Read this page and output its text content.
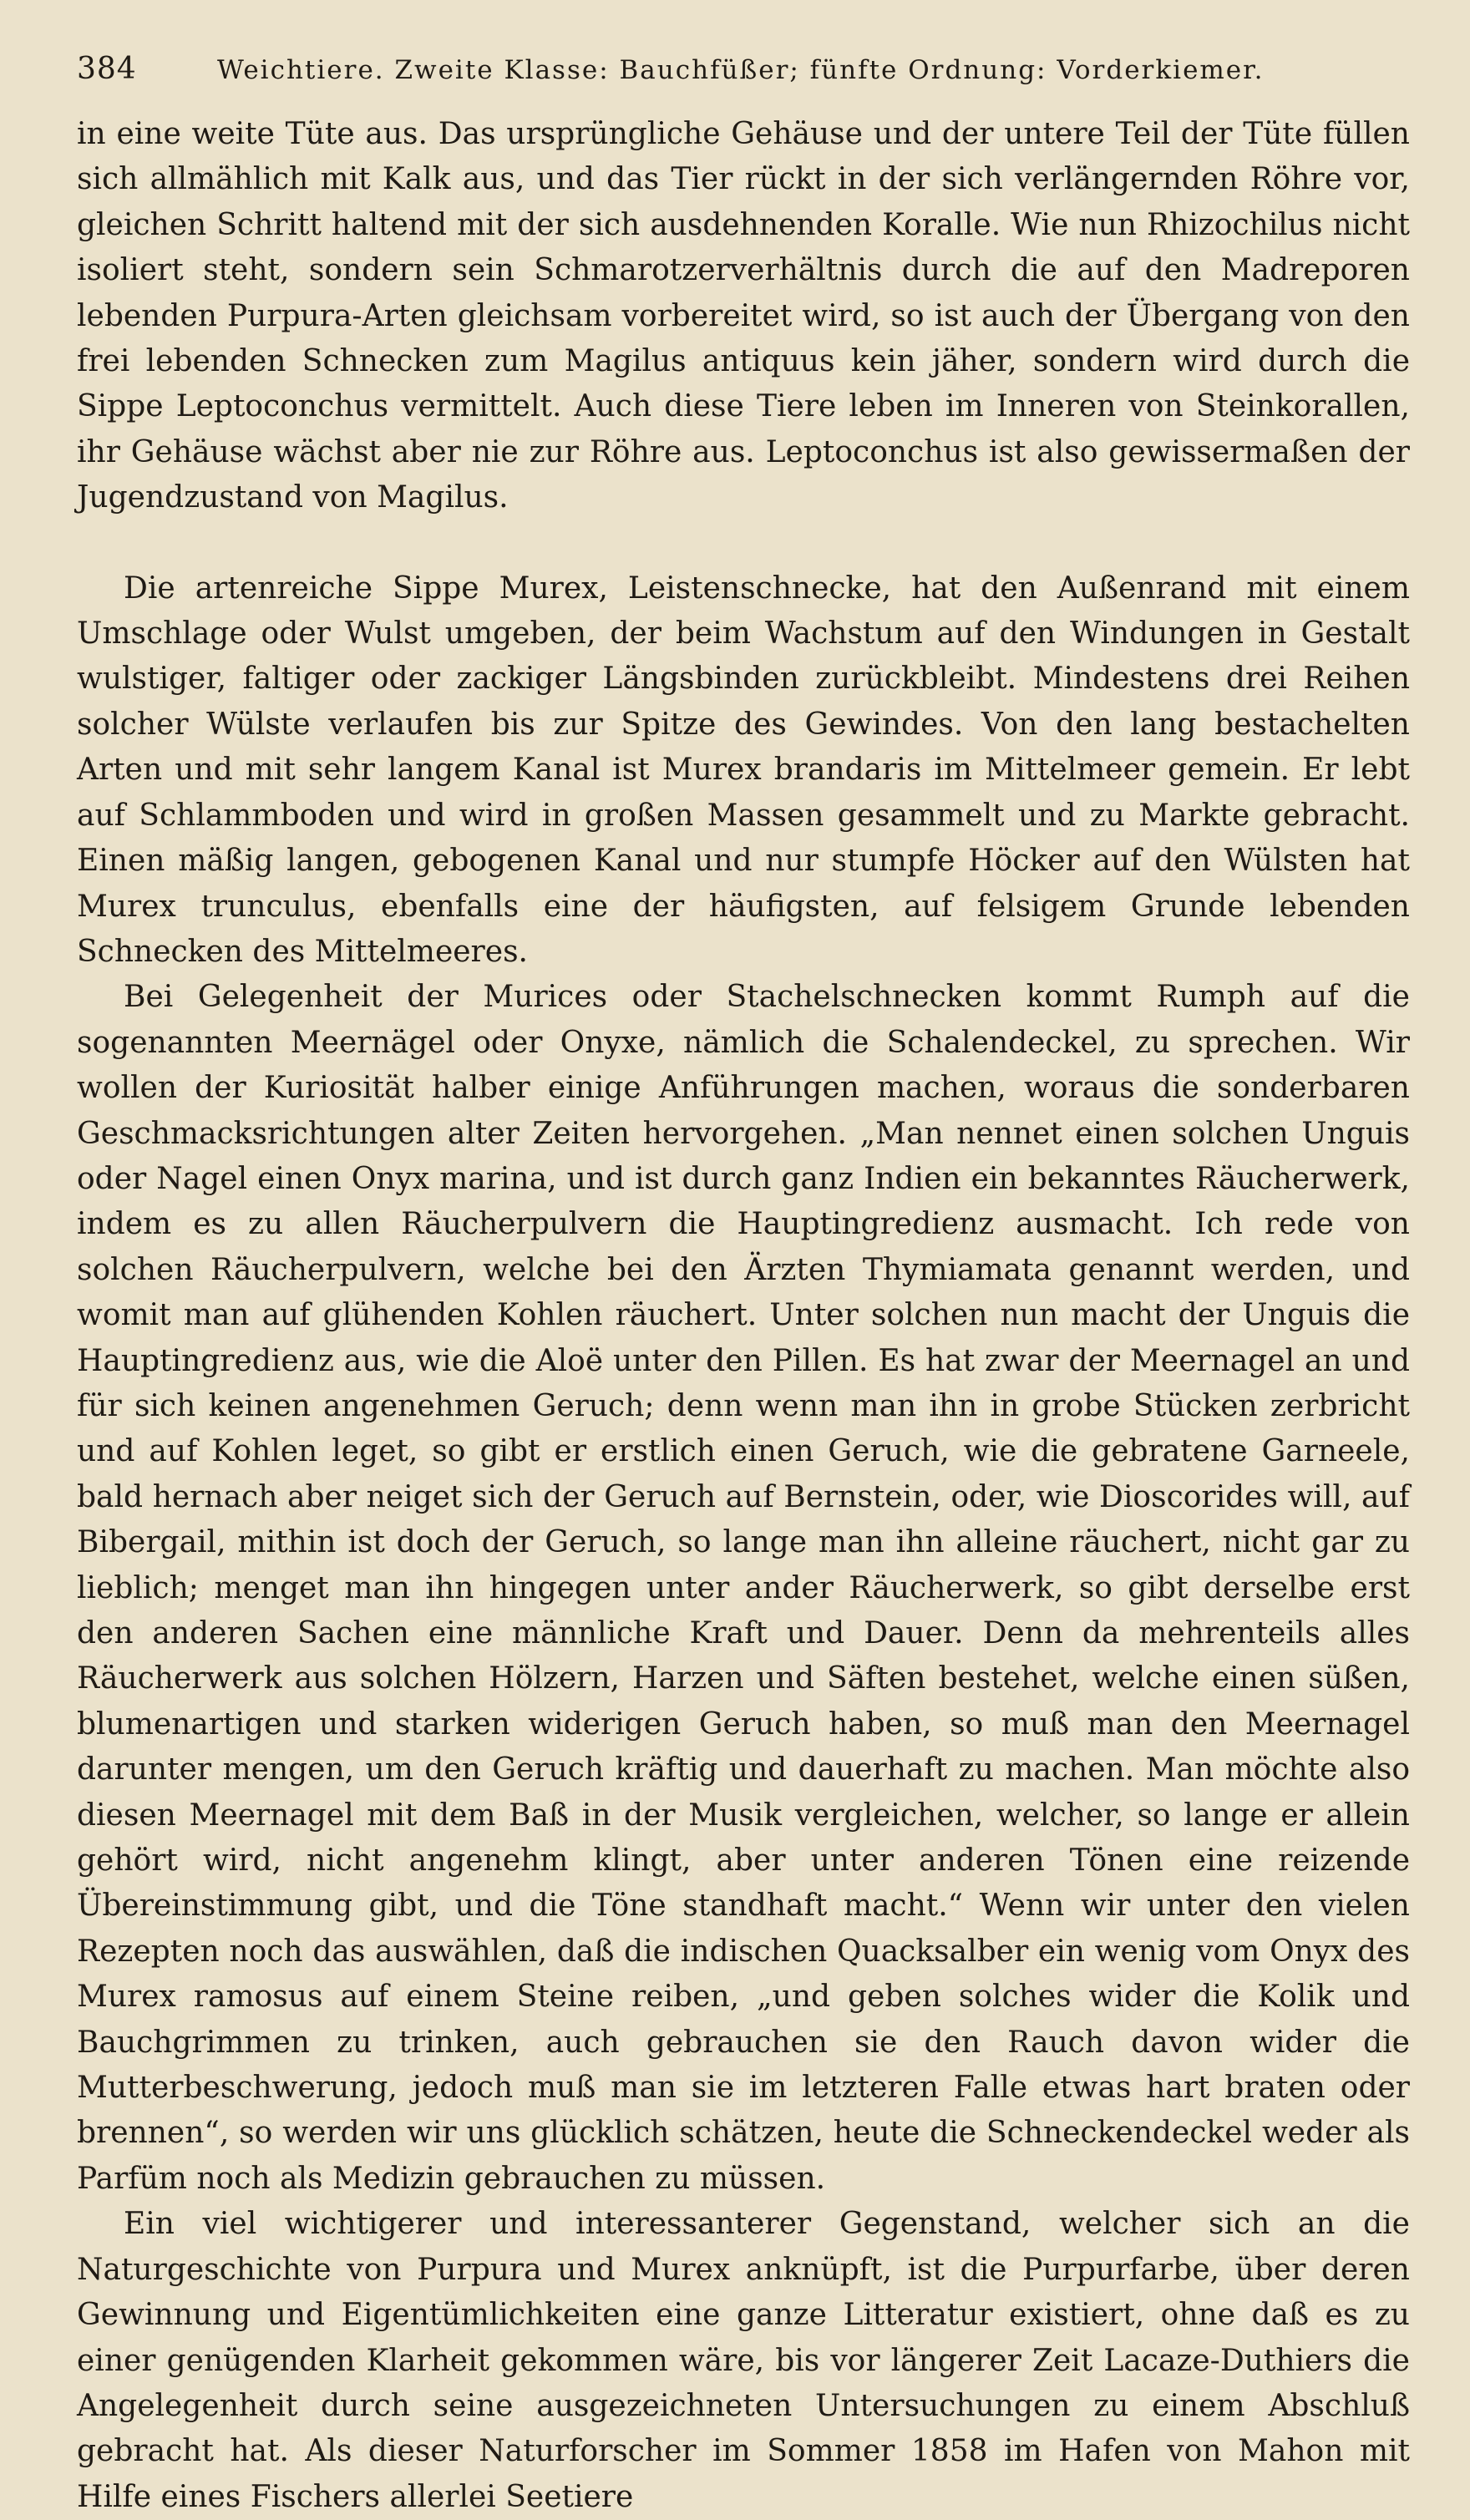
384	Weichtiere. Zweite Klasse: Bauchfüßer; fünfte Ordnung: Vorderkiemer.

in eine weite Tüte aus. Das ursprüngliche Gehäuse und der untere Teil der Tüte füllen sich allmählich mit Kalk aus, und das Tier rückt in der sich verlängernden Röhre vor, gleichen Schritt haltend mit der sich ausdehnenden Koralle. Wie nun Rhizochilus nicht isoliert steht, sondern sein Schmarotzerverhältnis durch die auf den Madreporen lebenden Purpura-Arten gleichsam vorbereitet wird, so ist auch der Übergang von den frei lebenden Schnecken zum Magilus antiquus kein jäher, sondern wird durch die Sippe Leptoconchus vermittelt. Auch diese Tiere leben im Inneren von Steinkorallen, ihr Gehäuse wächst aber nie zur Röhre aus. Leptoconchus ist also gewissermaßen der Jugendzustand von Magilus.

Die artenreiche Sippe Murex, Leistenschnecke, hat den Außenrand mit einem Umschlage oder Wulst umgeben, der beim Wachstum auf den Windungen in Gestalt wulstiger, faltiger oder zackiger Längsbinden zurückbleibt. Mindestens drei Reihen solcher Wülste verlaufen bis zur Spitze des Gewindes. Von den lang bestachelten Arten und mit sehr langem Kanal ist Murex brandaris im Mittelmeer gemein. Er lebt auf Schlammboden und wird in großen Massen gesammelt und zu Markte gebracht. Einen mäßig langen, gebogenen Kanal und nur stumpfe Höcker auf den Wülsten hat Murex trunculus, ebenfalls eine der häufigsten, auf felsigem Grunde lebenden Schnecken des Mittelmeeres.

Bei Gelegenheit der Murices oder Stachelschnecken kommt Rumph auf die sogenannten Meernägel oder Onyxe, nämlich die Schalendeckel, zu sprechen. Wir wollen der Kuriosität halber einige Anführungen machen, woraus die sonderbaren Geschmacksrichtungen alter Zeiten hervorgehen. „Man nennet einen solchen Unguis oder Nagel einen Onyx marina, und ist durch ganz Indien ein bekanntes Räucherwerk, indem es zu allen Räucherpulvern die Hauptingredienz ausmacht. Ich rede von solchen Räucherpulvern, welche bei den Ärzten Thymiamata genannt werden, und womit man auf glühenden Kohlen räuchert. Unter solchen nun macht der Unguis die Hauptingredienz aus, wie die Aloë unter den Pillen. Es hat zwar der Meernagel an und für sich keinen angenehmen Geruch; denn wenn man ihn in grobe Stücken zerbricht und auf Kohlen leget, so gibt er erstlich einen Geruch, wie die gebratene Garneele, bald hernach aber neiget sich der Geruch auf Bernstein, oder, wie Dioscorides will, auf Bibergail, mithin ist doch der Geruch, so lange man ihn alleine räuchert, nicht gar zu lieblich; menget man ihn hingegen unter ander Räucherwerk, so gibt derselbe erst den anderen Sachen eine männliche Kraft und Dauer. Denn da mehrenteils alles Räucherwerk aus solchen Hölzern, Harzen und Säften bestehet, welche einen süßen, blumenartigen und starken widerigen Geruch haben, so muß man den Meernagel darunter mengen, um den Geruch kräftig und dauerhaft zu machen. Man möchte also diesen Meernagel mit dem Baß in der Musik vergleichen, welcher, so lange er allein gehört wird, nicht angenehm klingt, aber unter anderen Tönen eine reizende Übereinstimmung gibt, und die Töne standhaft macht.“ Wenn wir unter den vielen Rezepten noch das auswählen, daß die indischen Quacksalber ein wenig vom Onyx des Murex ramosus auf einem Steine reiben, „und geben solches wider die Kolik und Bauchgrimmen zu trinken, auch gebrauchen sie den Rauch davon wider die Mutterbeschwerung, jedoch muß man sie im letzteren Falle etwas hart braten oder brennen“, so werden wir uns glücklich schätzen, heute die Schneckendeckel weder als Parfüm noch als Medizin gebrauchen zu müssen.

Ein viel wichtigerer und interessanterer Gegenstand, welcher sich an die Naturgeschichte von Purpura und Murex anknüpft, ist die Purpurfarbe, über deren Gewinnung und Eigentümlichkeiten eine ganze Litteratur existiert, ohne daß es zu einer genügenden Klarheit gekommen wäre, bis vor längerer Zeit Lacaze-Duthiers die Angelegenheit durch seine ausgezeichneten Untersuchungen zu einem Abschluß gebracht hat. Als dieser Naturforscher im Sommer 1858 im Hafen von Mahon mit Hilfe eines Fischers allerlei Seetiere
